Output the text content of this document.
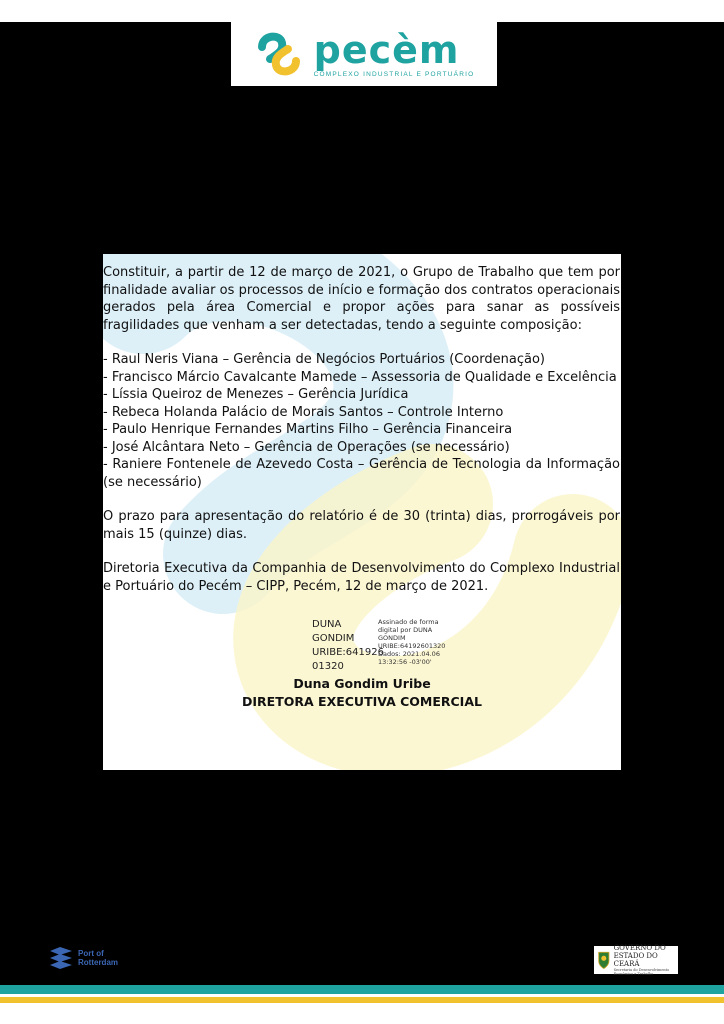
pecèm
COMPLEXO INDUSTRIAL E PORTUÁRIO

Constituir, a partir de 12 de março de 2021, o Grupo de Trabalho que tem por finalidade avaliar os processos de início e formação dos contratos operacionais gerados pela área Comercial e propor ações para sanar as possíveis fragilidades que venham a ser detectadas, tendo a seguinte composição:

- Raul Neris Viana – Gerência de Negócios Portuários (Coordenação)

- Francisco Márcio Cavalcante Mamede – Assessoria de Qualidade e Excelência

- Líssia Queiroz de Menezes – Gerência Jurídica

- Rebeca Holanda Palácio de Morais Santos – Controle Interno

- Paulo Henrique Fernandes Martins Filho – Gerência Financeira

- José Alcântara Neto – Gerência de Operações (se necessário)

- Raniere Fontenele de Azevedo Costa – Gerência de Tecnologia da Informação (se necessário)

O prazo para apresentação do relatório é de 30 (trinta) dias, prorrogáveis por mais 15 (quinze) dias.

Diretoria Executiva da Companhia de Desenvolvimento do Complexo Industrial e Portuário do Pecém – CIPP, Pecém, 12 de março de 2021.

DUNA
GONDIM
URIBE:641926
01320
Assinado de forma
digital por DUNA
GONDIM
URIBE:64192601320
Dados: 2021.04.06
13:32:56 -03'00'
Duna Gondim Uribe
DIRETORA EXECUTIVA COMERCIAL
Port of
Rotterdam
GOVERNO DO
ESTADO DO CEARÁ
Secretaria do Desenvolvimento
Econômico e Trabalho
